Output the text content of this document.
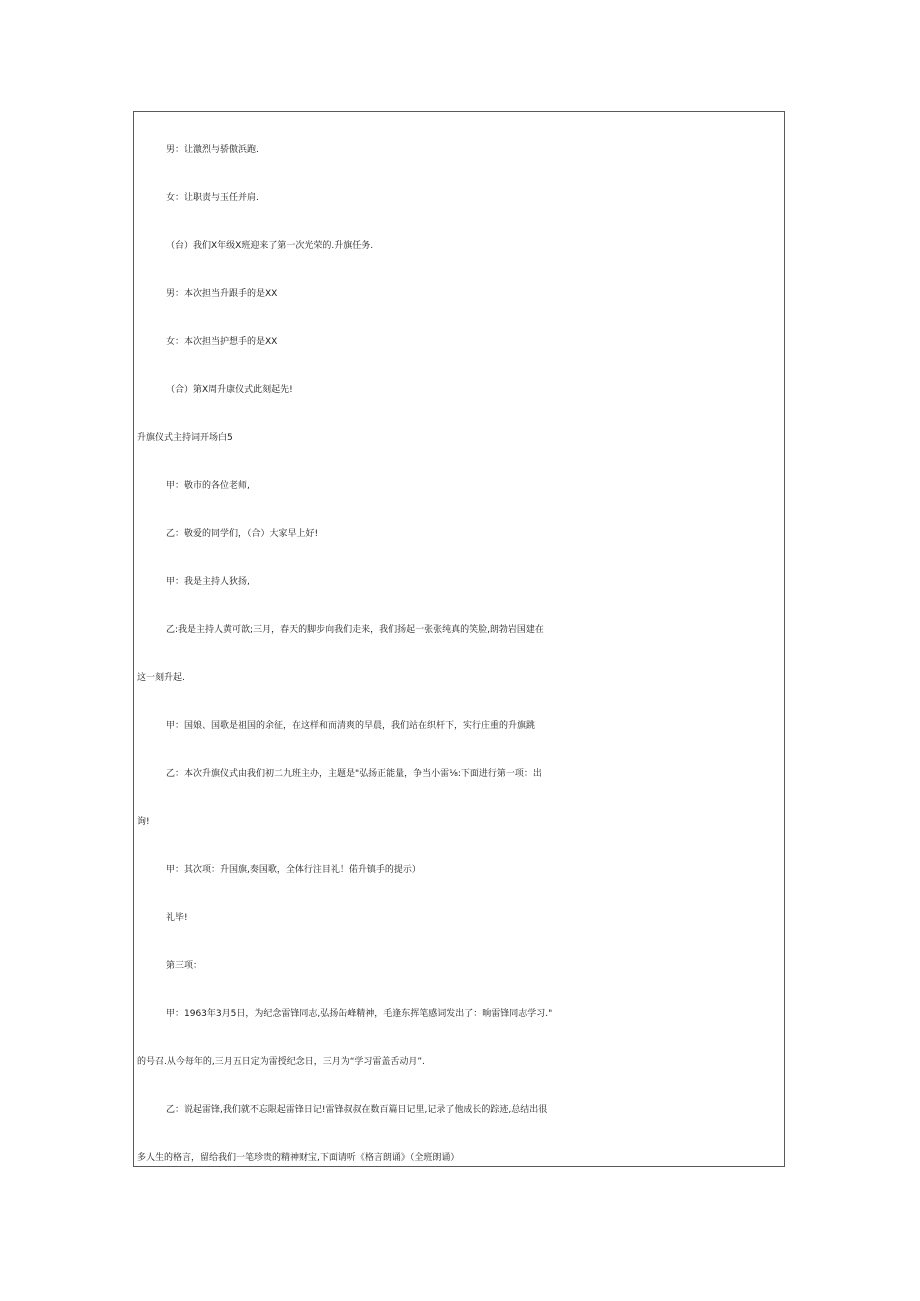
男：让激烈与骄傲浜跑.

女：让职责与玉任并肩.

（台）我们X年级X班迎来了第一次光荣的.升旗任务.

男：本次担当升跟手的是XX

女：本次担当护想手的是XX

（合）第X周升康仪式此刻起先!

升旗仪式主持词开场白5

甲：敬市的各位老师,

乙：敬爱的同学们，（合）大家早上好!

甲：我是主持人狄扬,

乙:我是主持人黄可歆;三月，春天的脚步向我们走来，我们扬起一张张纯真的笑脸,朗勃岩国建在

这一刻升起.

甲：国娘、国歌是祖国的余征，在这样和而清爽的早晨，我们站在织杆下，实行庄重的升旗跳

乙：本次升旗仪式由我们初二九班主办，主题是"弘扬正能量，争当小雷⅛:下面进行第一项：出

询!

甲：其次项：升国旗,奏国歌，全体行注目礼！偌升镇手的提示）

礼毕!

第三项：

甲：1963年3月5日，为纪念雷锋同志,弘扬缶峰精神，毛逢东挥笔感词发出了：晌雷锋同志学习."

的号召.从今每年的,三月五日定为雷授纪念日，三月为“学习雷盖舌动月”.

乙：说起雷锋,我们就不忘限起雷锋日记!雷锋叔叔在数百篇日记里,记录了他成长的踪迹,总结出很

多人生的格言，留给我们一笔珍贵的精神财宝,下面请听《格言朗诵》（全班朗诵）
